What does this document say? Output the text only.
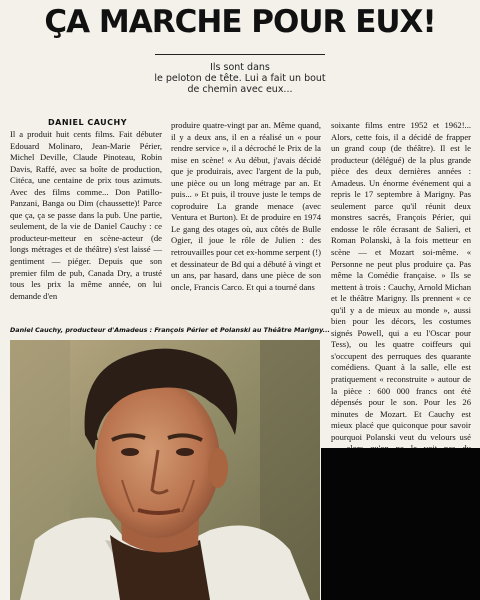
ÇA MARCHE POUR EUX!
Ils sont dans
le peloton de tête. Lui a fait un bout
de chemin avec eux...
DANIEL CAUCHY
Il a produit huit cents films. Fait débuter Edouard Molinaro, Jean-Marie Périer, Michel Deville, Claude Pinoteau, Robin Davis, Raffé, avec sa boîte de production, Citéca, une centaine de prix tous azimuts. Avec des films comme... Don Patillo-Panzani, Banga ou Dim (chaussette)! Parce que ça, ça se passe dans la pub. Une partie, seulement, de la vie de Daniel Cauchy : ce producteur-metteur en scène-acteur (de longs métrages et de théâtre) s'est laissé — gentiment — piéger. Depuis que son premier film de pub, Canada Dry, a trusté tous les prix la même année, on lui demande d'en
produire quatre-vingt par an. Même quand, il y a deux ans, il en a réalisé un « pour rendre service », il a décroché le Prix de la mise en scène! « Au début, j'avais décidé que je produirais, avec l'argent de la pub, une pièce ou un long métrage par an. Et puis... » Et puis, il trouve juste le temps de coproduire La grande menace (avec Ventura et Burton). Et de produire en 1974 Le gang des otages où, aux côtés de Bulle Ogier, il joue le rôle de Julien : des retrouvailles pour cet ex-homme serpent (!) et dessinateur de Bd qui a débuté à vingt et un ans, par hasard, dans une pièce de son oncle, Francis Carco. Et qui a tourné dans
soixante films entre 1952 et 1962!... Alors, cette fois, il a décidé de frapper un grand coup (de théâtre). Il est le producteur (délégué) de la plus grande pièce des deux dernières années : Amadeus. Un énorme événement qui a repris le 17 septembre à Marigny. Pas seulement parce qu'il réunit deux monstres sacrés, François Périer, qui endosse le rôle écrasant de Salieri, et Roman Polanski, à la fois metteur en scène — et Mozart soi-même. « Personne ne peut plus produire ça. Pas même la Comédie française. » Ils se mettent à trois : Cauchy, Arnold Michan et le théâtre Marigny. Ils prennent « ce qu'il y a de mieux au monde », aussi bien pour les décors, les costumes signés Powell, qui a eu l'Oscar pour Tess), ou les quatre coiffeurs qui s'occupent des perruques des quarante comédiens. Quant à la salle, elle est pratiquement « reconstruite » autour de la pièce : 600 000 francs ont été dépensés pour le son. Pour les 26 minutes de Mozart. Et Cauchy est mieux placé que quiconque pour savoir pourquoi Polanski veut du velours usé
Daniel Cauchy, producteur d'Amadeus : François Périer et Polanski au Théâtre Marigny...
